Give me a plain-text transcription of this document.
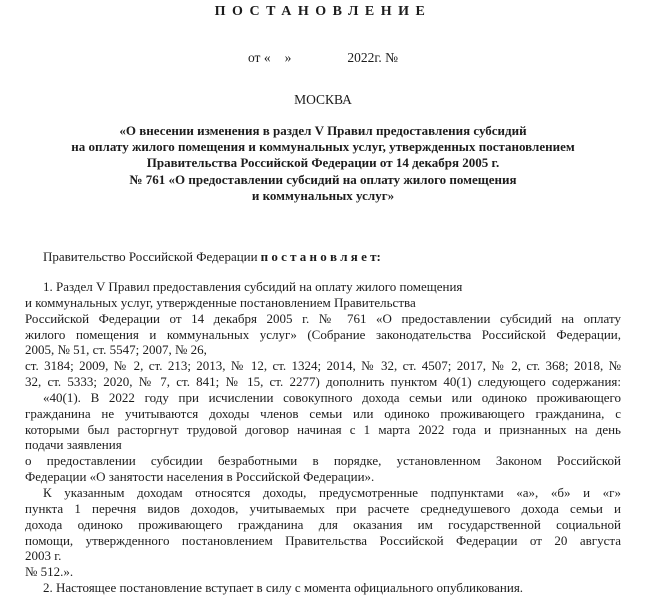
ПОСТАНОВЛЕНИЕ
от « »	2022г. №
МОСКВА
«О внесении изменения в раздел V Правил предоставления субсидий
на оплату жилого помещения и коммунальных услуг, утвержденных постановлением
Правительства Российской Федерации от 14 декабря 2005 г.
№ 761 «О предоставлении субсидий на оплату жилого помещения
и коммунальных услуг»
Правительство Российской Федерации п о с т а н о в л я е т:
1. Раздел V Правил предоставления субсидий на оплату жилого помещения
и коммунальных услуг, утвержденные постановлением Правительства
Российской Федерации от 14 декабря 2005 г. № 761 «О предоставлении субсидий на оплату
жилого помещения и коммунальных услуг» (Собрание законодательства Российской Федерации,
2005, № 51, ст. 5547; 2007, № 26,
ст. 3184; 2009, № 2, ст. 213; 2013, № 12, ст. 1324; 2014, № 32, ст. 4507; 2017, № 2, ст. 368; 2018, №
32, ст. 5333; 2020, № 7, ст. 841; № 15, ст. 2277) дополнить пунктом 40(1) следующего содержания:
«40(1). В 2022 году при исчислении совокупного дохода семьи или одиноко проживающего
гражданина не учитываются доходы членов семьи или одиноко проживающего гражданина, с
которыми был расторгнут трудовой договор начиная с 1 марта 2022 года и признанных на день
подачи заявления
о предоставлении субсидии безработными в порядке, установленном Законом Российской
Федерации «О занятости населения в Российской Федерации».
К указанным доходам относятся доходы, предусмотренные подпунктами «а», «б» и «г»
пункта 1 перечня видов доходов, учитываемых при расчете среднедушевого дохода семьи и
дохода одиноко проживающего гражданина для оказания им государственной социальной
помощи, утвержденного постановлением Правительства Российской Федерации от 20 августа
2003 г.
№ 512.».
2. Настоящее постановление вступает в силу с момента официального опубликования.
